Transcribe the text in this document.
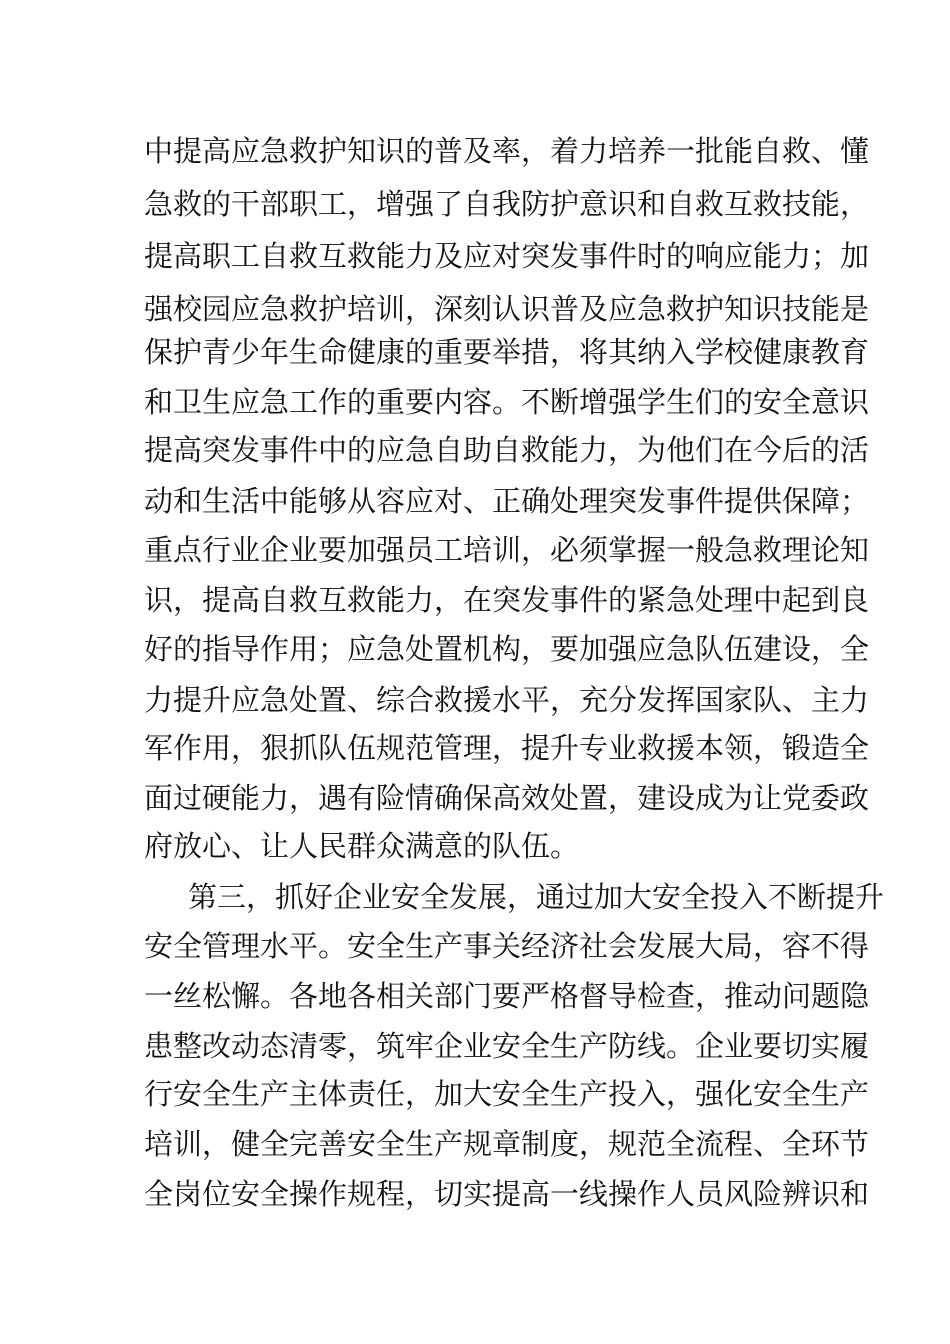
中提高应急救护知识的普及率，着力培养一批能自救、懂
急救的干部职工，增强了自我防护意识和自救互救技能，
提高职工自救互救能力及应对突发事件时的响应能力；加
强校园应急救护培训，深刻认识普及应急救护知识技能是
保护青少年生命健康的重要举措，将其纳入学校健康教育
和卫生应急工作的重要内容。不断增强学生们的安全意识
提高突发事件中的应急自助自救能力，为他们在今后的活
动和生活中能够从容应对、正确处理突发事件提供保障；
重点行业企业要加强员工培训，必须掌握一般急救理论知
识，提高自救互救能力，在突发事件的紧急处理中起到良
好的指导作用；应急处置机构，要加强应急队伍建设，全
力提升应急处置、综合救援水平，充分发挥国家队、主力
军作用，狠抓队伍规范管理，提升专业救援本领，锻造全
面过硬能力，遇有险情确保高效处置，建设成为让党委政
府放心、让人民群众满意的队伍。
第三，抓好企业安全发展，通过加大安全投入不断提升
安全管理水平。安全生产事关经济社会发展大局，容不得
一丝松懈。各地各相关部门要严格督导检查，推动问题隐
患整改动态清零，筑牢企业安全生产防线。企业要切实履
行安全生产主体责任，加大安全生产投入，强化安全生产
培训，健全完善安全生产规章制度，规范全流程、全环节
全岗位安全操作规程，切实提高一线操作人员风险辨识和
